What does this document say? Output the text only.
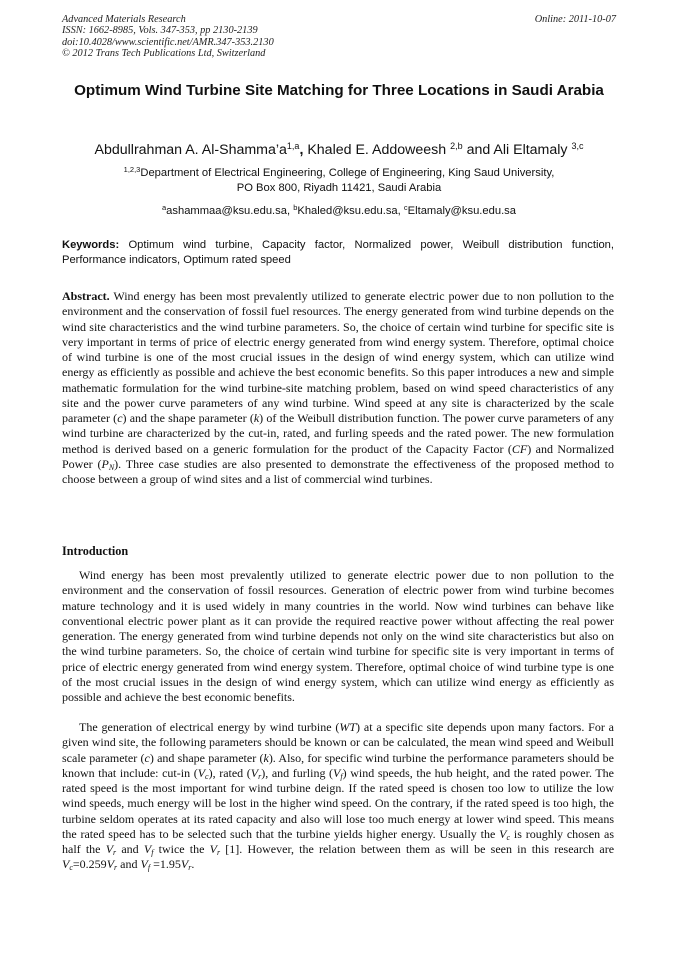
Advanced Materials Research
ISSN: 1662-8985, Vols. 347-353, pp 2130-2139
doi:10.4028/www.scientific.net/AMR.347-353.2130
© 2012 Trans Tech Publications Ltd, Switzerland
Online: 2011-10-07
Optimum Wind Turbine Site Matching for Three Locations in Saudi Arabia
Abdullrahman A. $Al-Shamma’a^{1,a}$, Khaled E. Addoweesh $^{2,b}$ and Ali Eltamaly $^{3,c}$
$^{1,2,3}$Department of Electrical Engineering, College of Engineering, King Saud University,
PO Box 800, Riyadh 11421, Saudi Arabia
$^a$ashammaa@ksu.edu.sa, $^b$Khaled@ksu.edu.sa, $^c$Eltamaly@ksu.edu.sa
Keywords: Optimum wind turbine, Capacity factor, Normalized power, Weibull distribution function, Performance indicators, Optimum rated speed

Abstract. Wind energy has been most prevalently utilized to generate electric power due to non pollution to the environment and the conservation of fossil fuel resources. The energy generated from wind turbine depends on the wind site characteristics and the wind turbine parameters. So, the choice of certain wind turbine for specific site is very important in terms of price of electric energy generated from wind energy system. Therefore, optimal choice of wind turbine is one of the most crucial issues in the design of wind energy system, which can utilize wind energy as efficiently as possible and achieve the best economic benefits. So this paper introduces a new and simple mathematic formulation for the wind turbine-site matching problem, based on wind speed characteristics of any site and the power curve parameters of any wind turbine. Wind speed at any site is characterized by the scale parameter (c) and the shape parameter (k) of the Weibull distribution function. The power curve parameters of any wind turbine are characterized by the cut-in, rated, and furling speeds and the rated power. The new formulation method is derived based on a generic formulation for the product of the Capacity Factor (CF) and Normalized Power $(P_N)$. Three case studies are also presented to demonstrate the effectiveness of the proposed method to choose between a group of wind sites and a list of commercial wind turbines.

Introduction

Wind energy has been most prevalently utilized to generate electric power due to non pollution to the environment and the conservation of fossil resources. Generation of electric power from wind turbine becomes mature technology and it is used widely in many countries in the world. Now wind turbines can behave like conventional electric power plant as it can provide the required reactive power without affecting the real power generation. The energy generated from wind turbine depends not only on the wind site characteristics but also on the wind turbine parameters. So, the choice of certain wind turbine for specific site is very important in terms of price of electric energy generated from wind energy system. Therefore, optimal choice of wind turbine type is one of the most crucial issues in the design of wind energy system, which can utilize wind energy as efficiently as possible and achieve the best economic benefits.

The generation of electrical energy by wind turbine (WT) at a specific site depends upon many factors. For a given wind site, the following parameters should be known or can be calculated, the mean wind speed and Weibull scale parameter (c) and shape parameter (k). Also, for specific wind turbine the performance parameters should be known that include: cut-in $(V_c)$, rated $(V_r)$, and furling $(V_f)$ wind speeds, the hub height, and the rated power. The rated speed is the most important for wind turbine deign. If the rated speed is chosen too low to utilize the low wind speeds, much energy will be lost in the higher wind speed. On the contrary, if the rated speed is too high, the turbine seldom operates at its rated capacity and also will lose too much energy at lower wind speed. This means the rated speed has to be selected such that the turbine yields higher energy. Usually the $V_c$ is roughly chosen as half the $V_r$ and $V_f$ twice the $V_r$ [1]. However, the relation between them as will be seen in this research are $V_c=0.259V_r$ and $V_f =1.95V_r$.
